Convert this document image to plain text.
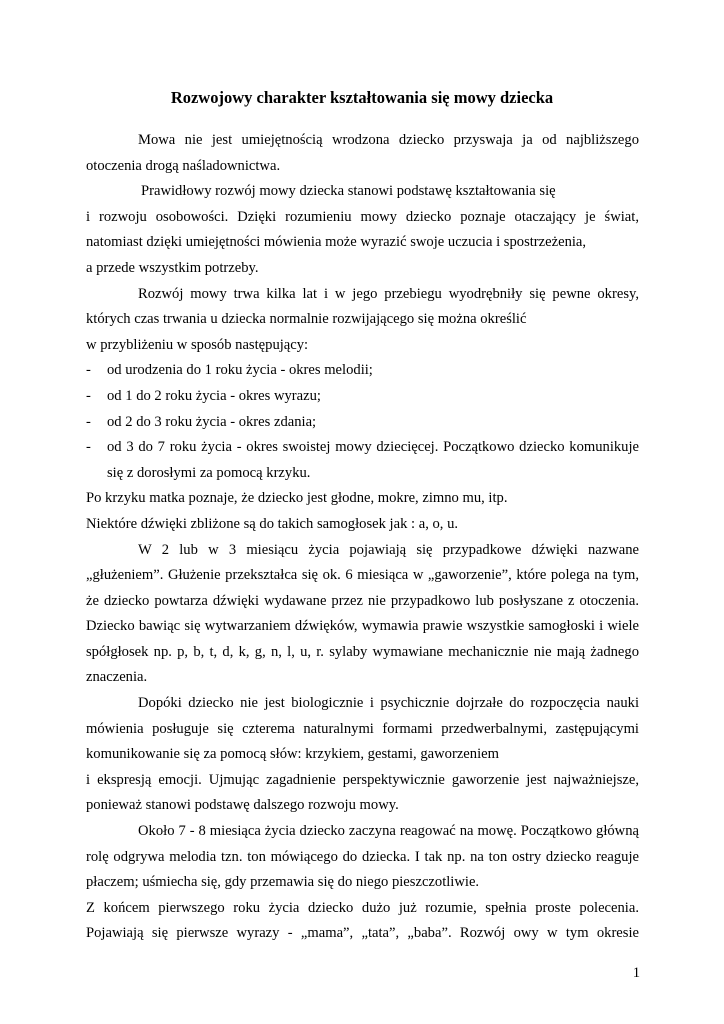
Rozwojowy charakter kształtowania się mowy dziecka

Mowa nie jest umiejętnością wrodzona dziecko przyswaja ja od najbliższego

otoczenia drogą naśladownictwa.

Prawidłowy rozwój mowy dziecka stanowi podstawę kształtowania się

i rozwoju osobowości. Dzięki rozumieniu mowy dziecko poznaje otaczający je świat,

natomiast dzięki umiejętności mówienia może wyrazić swoje uczucia i spostrzeżenia,

a przede wszystkim potrzeby.

Rozwój mowy trwa kilka lat i w jego przebiegu wyodrębniły się pewne okresy,

których czas trwania u dziecka normalnie rozwijającego się można określić

w przybliżeniu w sposób następujący:

- od urodzenia do 1 roku życia - okres melodii;
- od 1 do 2 roku życia - okres wyrazu;
- od 2 do 3 roku życia - okres zdania;
- od 3 do 7 roku życia - okres swoistej mowy dziecięcej. Początkowo dziecko komunikuje

się z dorosłymi za pomocą krzyku.

Po krzyku matka poznaje, że dziecko jest głodne, mokre, zimno mu, itp.

Niektóre dźwięki zbliżone są do takich samogłosek jak : a, o, u.

W 2 lub w 3 miesiącu życia pojawiają się przypadkowe dźwięki nazwane

„głużeniem”. Głużenie przekształca się ok. 6 miesiąca w „gaworzenie”, które polega na tym,

że dziecko powtarza dźwięki wydawane przez nie przypadkowo lub posłyszane z otoczenia.

Dziecko bawiąc się wytwarzaniem dźwięków, wymawia prawie wszystkie samogłoski i wiele

spółgłosek np. p, b, t, d, k, g, n, l, u, r. sylaby wymawiane mechanicznie nie mają żadnego

znaczenia.

Dopóki dziecko nie jest biologicznie i psychicznie dojrzałe do rozpoczęcia nauki

mówienia posługuje się czterema naturalnymi formami przedwerbalnymi, zastępującymi

komunikowanie się za pomocą słów: krzykiem, gestami, gaworzeniem

i ekspresją emocji. Ujmując zagadnienie perspektywicznie gaworzenie jest najważniejsze,

ponieważ stanowi podstawę dalszego rozwoju mowy.

Około 7 - 8 miesiąca życia dziecko zaczyna reagować na mowę. Początkowo główną

rolę odgrywa melodia tzn. ton mówiącego do dziecka. I tak np. na ton ostry dziecko reaguje

płaczem; uśmiecha się, gdy przemawia się do niego pieszczotliwie.

Z końcem pierwszego roku życia dziecko dużo już rozumie, spełnia proste polecenia.

Pojawiają się pierwsze wyrazy - „mama”, „tata”, „baba”. Rozwój owy w tym okresie

1
